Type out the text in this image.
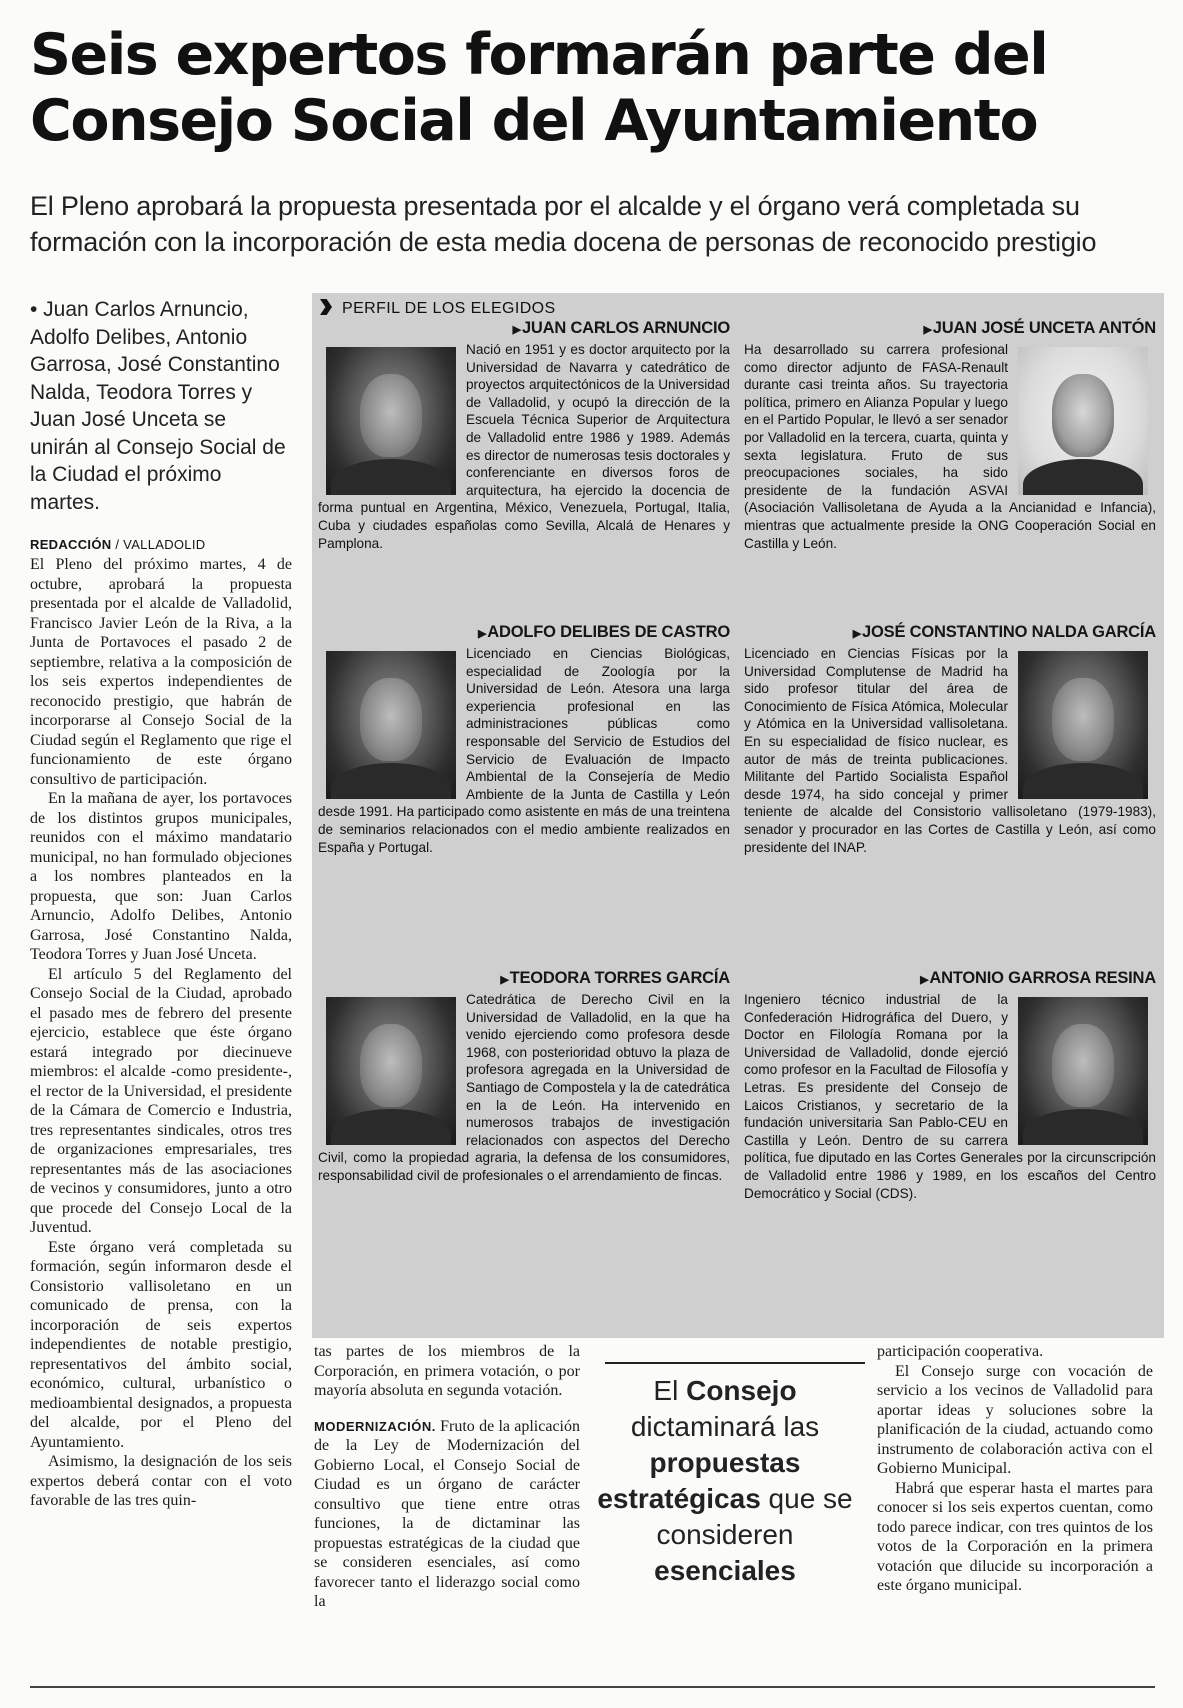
Seis expertos formarán parte del Consejo Social del Ayuntamiento

El Pleno aprobará la propuesta presentada por el alcalde y el órgano verá completada su formación con la incorporación de esta media docena de personas de reconocido prestigio

• Juan Carlos Arnuncio, Adolfo Delibes, Antonio Garrosa, José Constantino Nalda, Teodora Torres y Juan José Unceta se unirán al Consejo Social de la Ciudad el próximo martes.

REDACCIÓN / VALLADOLID

El Pleno del próximo martes, 4 de octubre, aprobará la propuesta presentada por el alcalde de Valladolid, Francisco Javier León de la Riva, a la Junta de Portavoces el pasado 2 de septiembre, relativa a la composición de los seis expertos independientes de reconocido prestigio, que habrán de incorporarse al Consejo Social de la Ciudad según el Reglamento que rige el funcionamiento de este órgano consultivo de participación.

En la mañana de ayer, los portavoces de los distintos grupos municipales, reunidos con el máximo mandatario municipal, no han formulado objeciones a los nombres planteados en la propuesta, que son: Juan Carlos Arnuncio, Adolfo Delibes, Antonio Garrosa, José Constantino Nalda, Teodora Torres y Juan José Unceta.

El artículo 5 del Reglamento del Consejo Social de la Ciudad, aprobado el pasado mes de febrero del presente ejercicio, establece que éste órgano estará integrado por diecinueve miembros: el alcalde -como presidente-, el rector de la Universidad, el presidente de la Cámara de Comercio e Industria, tres representantes sindicales, otros tres de organizaciones empresariales, tres representantes más de las asociaciones de vecinos y consumidores, junto a otro que procede del Consejo Local de la Juventud.

Este órgano verá completada su formación, según informaron desde el Consistorio vallisoletano en un comunicado de prensa, con la incorporación de seis expertos independientes de notable prestigio, representativos del ámbito social, económico, cultural, urbanístico o medioambiental designados, a propuesta del alcalde, por el Pleno del Ayuntamiento.

Asimismo, la designación de los seis expertos deberá contar con el voto favorable de las tres quin-

PERFIL DE LOS ELEGIDOS
▶JUAN CARLOS ARNUNCIO

Nació en 1951 y es doctor arquitecto por la Universidad de Navarra y catedrático de proyectos arquitectónicos de la Universidad de Valladolid, y ocupó la dirección de la Escuela Técnica Superior de Arquitectura de Valladolid entre 1986 y 1989. Además es director de numerosas tesis doctorales y conferenciante en diversos foros de arquitectura, ha ejercido la docencia de forma puntual en Argentina, México, Venezuela, Portugal, Italia, Cuba y ciudades españolas como Sevilla, Alcalá de Henares y Pamplona.

▶JUAN JOSÉ UNCETA ANTÓN

Ha desarrollado su carrera profesional como director adjunto de FASA-Renault durante casi treinta años. Su trayectoria política, primero en Alianza Popular y luego en el Partido Popular, le llevó a ser senador por Valladolid en la tercera, cuarta, quinta y sexta legislatura. Fruto de sus preocupaciones sociales, ha sido presidente de la fundación ASVAI (Asociación Vallisoletana de Ayuda a la Ancianidad e Infancia), mientras que actualmente preside la ONG Cooperación Social en Castilla y León.

▶ADOLFO DELIBES DE CASTRO

Licenciado en Ciencias Biológicas, especialidad de Zoología por la Universidad de León. Atesora una larga experiencia profesional en las administraciones públicas como responsable del Servicio de Estudios del Servicio de Evaluación de Impacto Ambiental de la Consejería de Medio Ambiente de la Junta de Castilla y León desde 1991. Ha participado como asistente en más de una treintena de seminarios relacionados con el medio ambiente realizados en España y Portugal.

▶JOSÉ CONSTANTINO NALDA GARCÍA

Licenciado en Ciencias Físicas por la Universidad Complutense de Madrid ha sido profesor titular del área de Conocimiento de Física Atómica, Molecular y Atómica en la Universidad vallisoletana. En su especialidad de físico nuclear, es autor de más de treinta publicaciones. Militante del Partido Socialista Español desde 1974, ha sido concejal y primer teniente de alcalde del Consistorio vallisoletano (1979-1983), senador y procurador en las Cortes de Castilla y León, así como presidente del INAP.

▶TEODORA TORRES GARCÍA

Catedrática de Derecho Civil en la Universidad de Valladolid, en la que ha venido ejerciendo como profesora desde 1968, con posterioridad obtuvo la plaza de profesora agregada en la Universidad de Santiago de Compostela y la de catedrática en la de León. Ha intervenido en numerosos trabajos de investigación relacionados con aspectos del Derecho Civil, como la propiedad agraria, la defensa de los consumidores, responsabilidad civil de profesionales o el arrendamiento de fincas.

▶ANTONIO GARROSA RESINA

Ingeniero técnico industrial de la Confederación Hidrográfica del Duero, y Doctor en Filología Romana por la Universidad de Valladolid, donde ejerció como profesor en la Facultad de Filosofía y Letras. Es presidente del Consejo de Laicos Cristianos, y secretario de la fundación universitaria San Pablo-CEU en Castilla y León. Dentro de su carrera política, fue diputado en las Cortes Generales por la circunscripción de Valladolid entre 1986 y 1989, en los escaños del Centro Democrático y Social (CDS).

tas partes de los miembros de la Corporación, en primera votación, o por mayoría absoluta en segunda votación.

MODERNIZACIÓN. Fruto de la aplicación de la Ley de Modernización del Gobierno Local, el Consejo Social de Ciudad es un órgano de carácter consultivo que tiene entre otras funciones, la de dictaminar las propuestas estratégicas de la ciudad que se consideren esenciales, así como favorecer tanto el liderazgo social como la

El Consejo dictaminará las propuestas estratégicas que se consideren esenciales

participación cooperativa.

El Consejo surge con vocación de servicio a los vecinos de Valladolid para aportar ideas y soluciones sobre la planificación de la ciudad, actuando como instrumento de colaboración activa con el Gobierno Municipal.

Habrá que esperar hasta el martes para conocer si los seis expertos cuentan, como todo parece indicar, con tres quintos de los votos de la Corporación en la primera votación que dilucide su incorporación a este órgano municipal.
